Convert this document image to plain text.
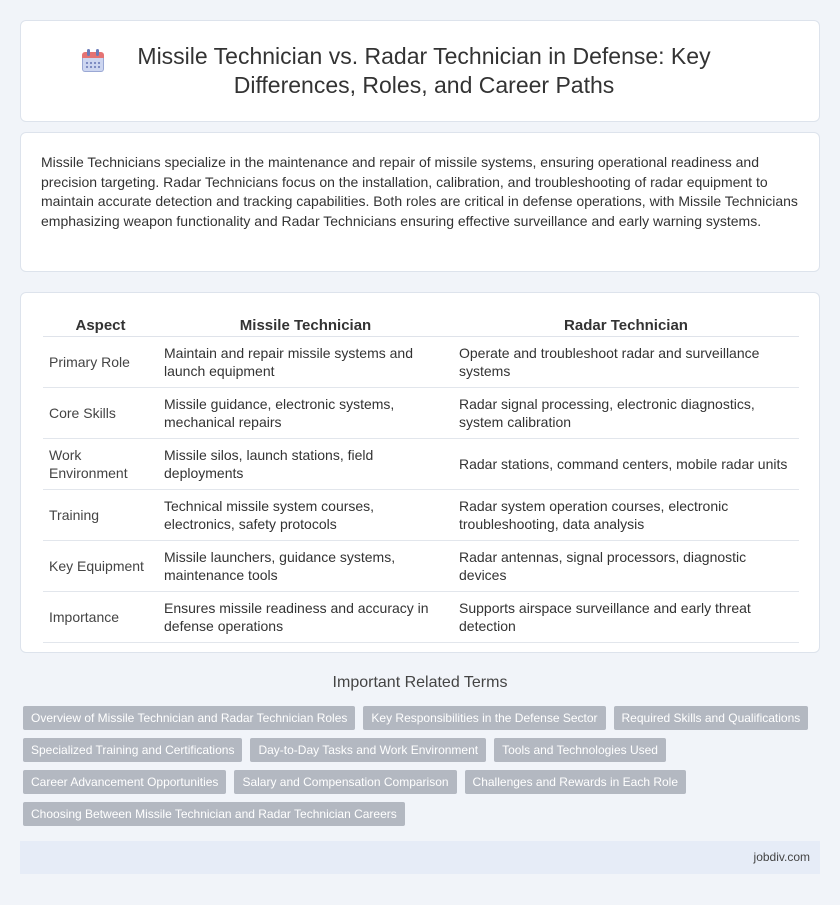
Missile Technician vs. Radar Technician in Defense: Key Differences, Roles, and Career Paths

Missile Technicians specialize in the maintenance and repair of missile systems, ensuring operational readiness and precision targeting. Radar Technicians focus on the installation, calibration, and troubleshooting of radar equipment to maintain accurate detection and tracking capabilities. Both roles are critical in defense operations, with Missile Technicians emphasizing weapon functionality and Radar Technicians ensuring effective surveillance and early warning systems.

Aspect	Missile Technician	Radar Technician
Primary Role	Maintain and repair missile systems and launch equipment	Operate and troubleshoot radar and surveillance systems
Core Skills	Missile guidance, electronic systems, mechanical repairs	Radar signal processing, electronic diagnostics, system calibration
Work Environment	Missile silos, launch stations, field deployments	Radar stations, command centers, mobile radar units
Training	Technical missile system courses, electronics, safety protocols	Radar system operation courses, electronic troubleshooting, data analysis
Key Equipment	Missile launchers, guidance systems, maintenance tools	Radar antennas, signal processors, diagnostic devices
Importance	Ensures missile readiness and accuracy in defense operations	Supports airspace surveillance and early threat detection
Important Related Terms
Overview of Missile Technician and Radar Technician Roles	Key Responsibilities in the Defense Sector	Required Skills and Qualifications
Specialized Training and Certifications	Day-to-Day Tasks and Work Environment	Tools and Technologies Used
Career Advancement Opportunities	Salary and Compensation Comparison	Challenges and Rewards in Each Role
Choosing Between Missile Technician and Radar Technician Careers
jobdiv.com
